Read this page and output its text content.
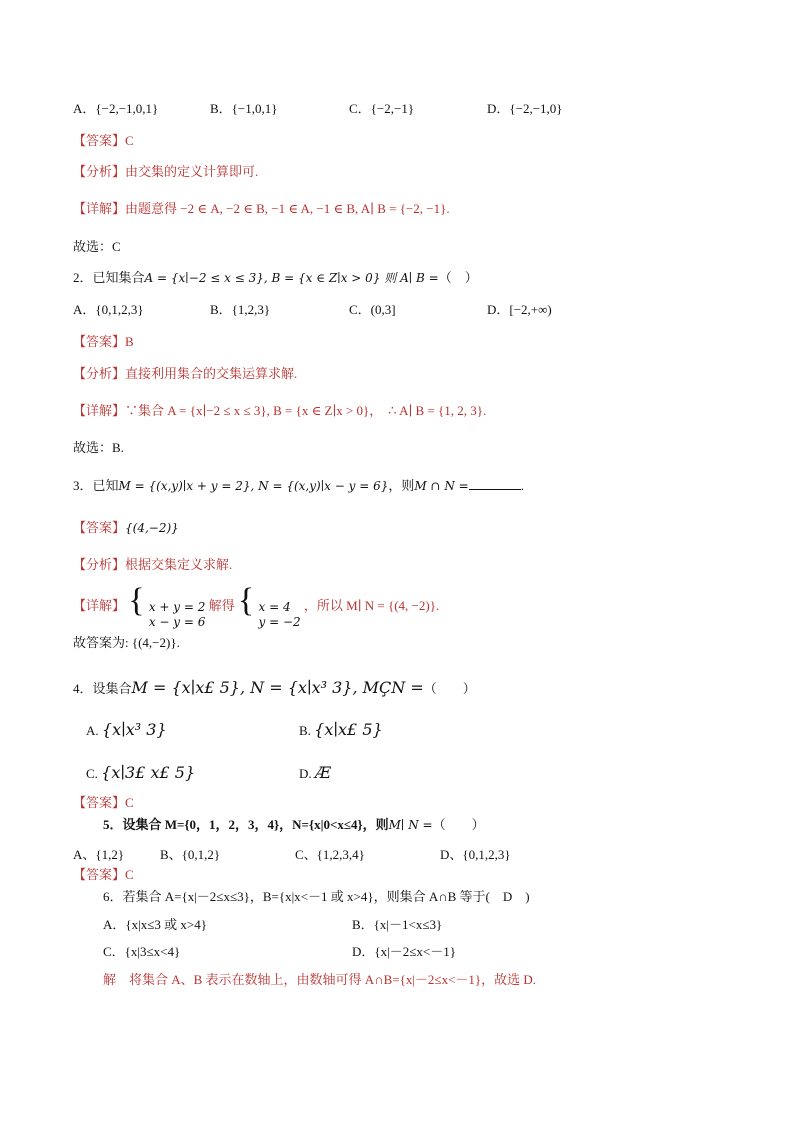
A．{−2,−1,0,1}	B．{−1,0,1}	C．{−2,−1}	D．{−2,−1,0}
【答案】C
【分析】由交集的定义计算即可.
【详解】由题意得 −2 ∈ A, −2 ∈ B, −1 ∈ A, −1 ∈ B, A∣ B = {−2, −1}.
故选：C
2．已知集合A = {x∣−2 ≤ x ≤ 3}, B = {x ∈ Z∣x > 0} 则 A∣ B =（　）
A．{0,1,2,3}	B．{1,2,3}	C．(0,3]	D．[−2,+∞)
【答案】B
【分析】直接利用集合的交集运算求解.
【详解】∵集合 A = {x∣−2 ≤ x ≤ 3}, B = {x ∈ Z∣x > 0}， ∴ A∣ B = {1, 2, 3}.
故选：B.
3．已知M = {(x,y)∣x + y = 2}, N = {(x,y)∣x − y = 6}，则M ∩ N =	.
【答案】{(4,−2)}
【分析】根据交集定义求解.
【详解】 { x + y = 2
x − y = 6
解得 { x = 4
y = −2
，所以 M∣ N = {(4, −2)}.
故答案为: {(4,−2)}.
4．设集合M = {x∣x£ 5}, N = {x∣x³ 3}, MÇN =（　　）
A. {x∣x³ 3}	B. {x∣x£ 5}
C. {x∣3£ x£ 5}	D. Æ
【答案】C
5．设集合 M={0，1，2，3，4}，N={x|0<x≤4}，则M∣ N =（　　）
A、{1,2}	B、{0,1,2}	C、{1,2,3,4}	D、{0,1,2,3}
【答案】C
6．若集合 A={x|－2≤x≤3}，B={x|x<－1 或 x>4}，则集合 A∩B 等于(　D　)
A．{x|x≤3 或 x>4}	B．{x|－1<x≤3}
C．{x|3≤x<4}	D．{x|－2≤x<－1}
解　将集合 A、B 表示在数轴上，由数轴可得 A∩B={x|－2≤x<－1}，故选 D.
